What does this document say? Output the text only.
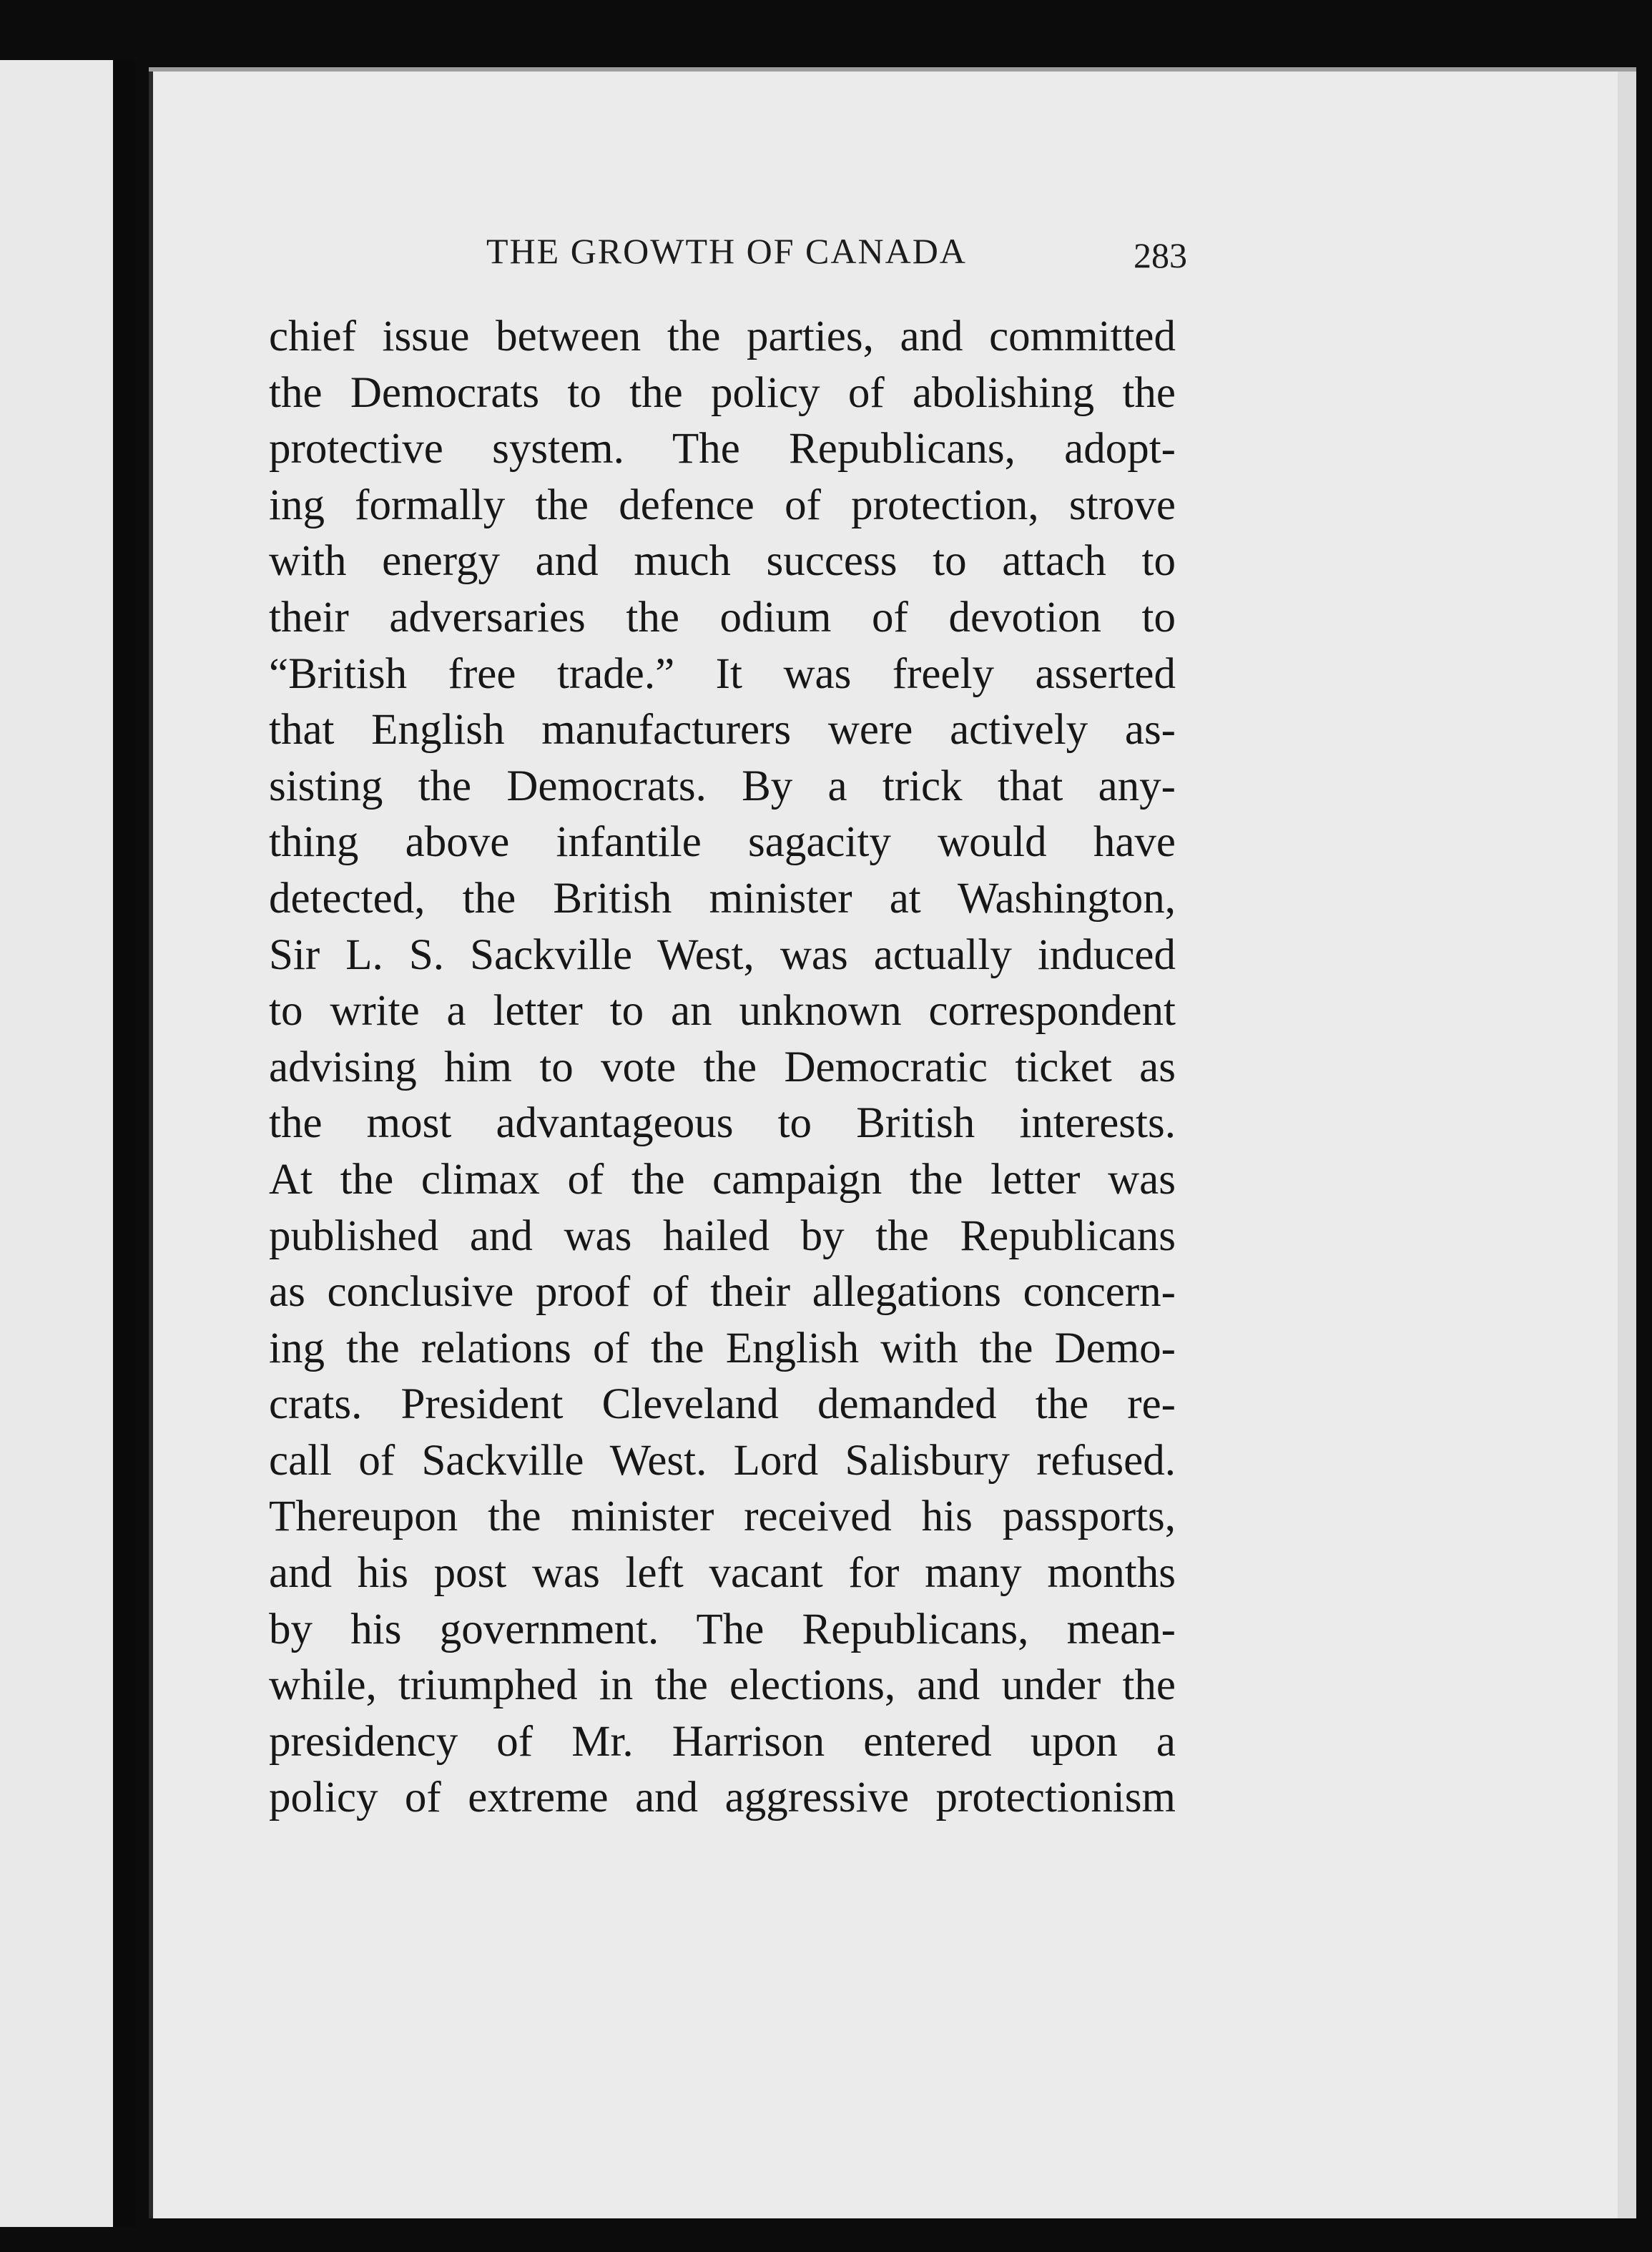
THE GROWTH OF CANADA	283
chief issue between the parties, and committed
the Democrats to the policy of abolishing the
protective system. The Republicans, adopt-
ing formally the defence of protection, strove
with energy and much success to attach to
their adversaries the odium of devotion to
“British free trade.” It was freely asserted
that English manufacturers were actively as-
sisting the Democrats. By a trick that any-
thing above infantile sagacity would have
detected, the British minister at Washington,
Sir L. S. Sackville West, was actually induced
to write a letter to an unknown correspondent
advising him to vote the Democratic ticket as
the most advantageous to British interests.
At the climax of the campaign the letter was
published and was hailed by the Republicans
as conclusive proof of their allegations concern-
ing the relations of the English with the Demo-
crats. President Cleveland demanded the re-
call of Sackville West. Lord Salisbury refused.
Thereupon the minister received his passports,
and his post was left vacant for many months
by his government. The Republicans, mean-
while, triumphed in the elections, and under the
presidency of Mr. Harrison entered upon a
policy of extreme and aggressive protectionism
